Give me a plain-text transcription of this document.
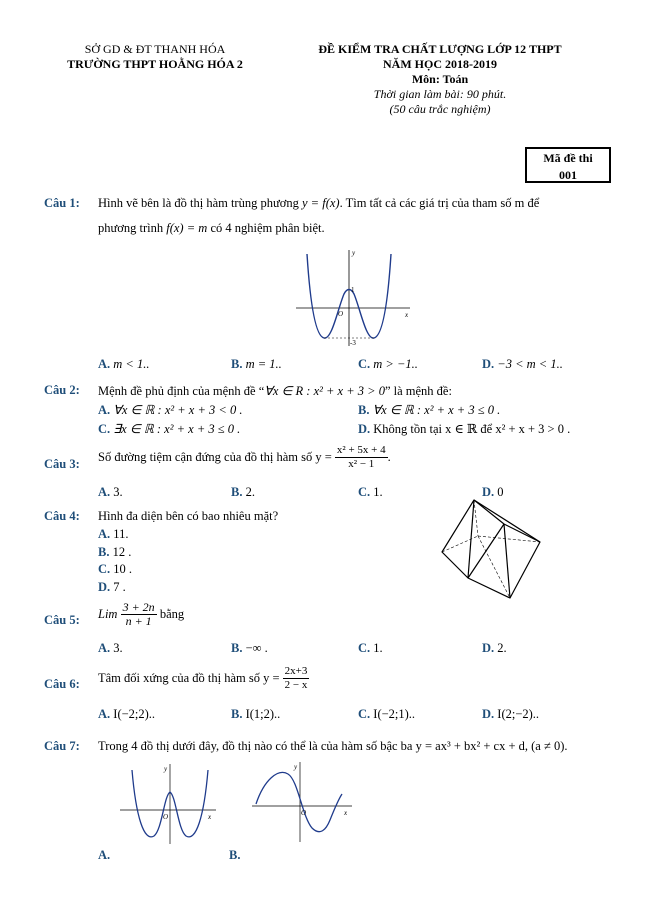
SỞ GD & ĐT THANH HÓA
TRƯỜNG THPT HOẰNG HÓA 2
ĐỀ KIỂM TRA CHẤT LƯỢNG LỚP 12 THPT
NĂM HỌC 2018-2019
Môn: Toán
Thời gian làm bài: 90 phút.
(50 câu trắc nghiệm)
Mã đề thi
001
Câu 1: Hình vẽ bên là đồ thị hàm trùng phương y = f(x). Tìm tất cả các giá trị của tham số m để
phương trình f(x) = m có 4 nghiệm phân biệt.
y
x
O
1
-3
A. m < 1..	B. m = 1..	C. m > −1..	D. −3 < m < 1..
Câu 2: Mệnh đề phủ định của mệnh đề “∀x ∈ R : x² + x + 3 > 0” là mệnh đề:
A. ∀x ∈ ℝ : x² + x + 3 < 0 .	B. ∀x ∈ ℝ : x² + x + 3 ≤ 0 .
C. ∃x ∈ ℝ : x² + x + 3 ≤ 0 .	D. Không tồn tại x ∈ ℝ để x² + x + 3 > 0 .
Câu 3: Số đường tiệm cận đứng của đồ thị hàm số
y =
$\frac{\text{x² + 5x + 4}}{\text{x² − 1}}$ .
A. 3.	B. 2.	C. 1.	D. 0
Câu 4: Hình đa diện bên có bao nhiêu mặt?
A. 11.
B. 12 .
C. 10 .
D. 7 .
Câu 5: Lim
$\frac{3 + 2n}{n + 1}$
bằng
A. 3.	B. −∞ .	C. 1.	D. 2.
Câu 6: Tâm đối xứng của đồ thị hàm số
y =
$\frac{2x+3}{2 - x}$
A. I(−2;2)..	B. I(1;2)..	C. I(−2;1)..	D. I(2;−2)..
Câu 7: Trong 4 đồ thị dưới đây, đồ thị nào có thể là của hàm số bậc ba y = ax³ + bx² + cx + d, (a ≠ 0).
y
x
O
y
x
O
A.	B.
